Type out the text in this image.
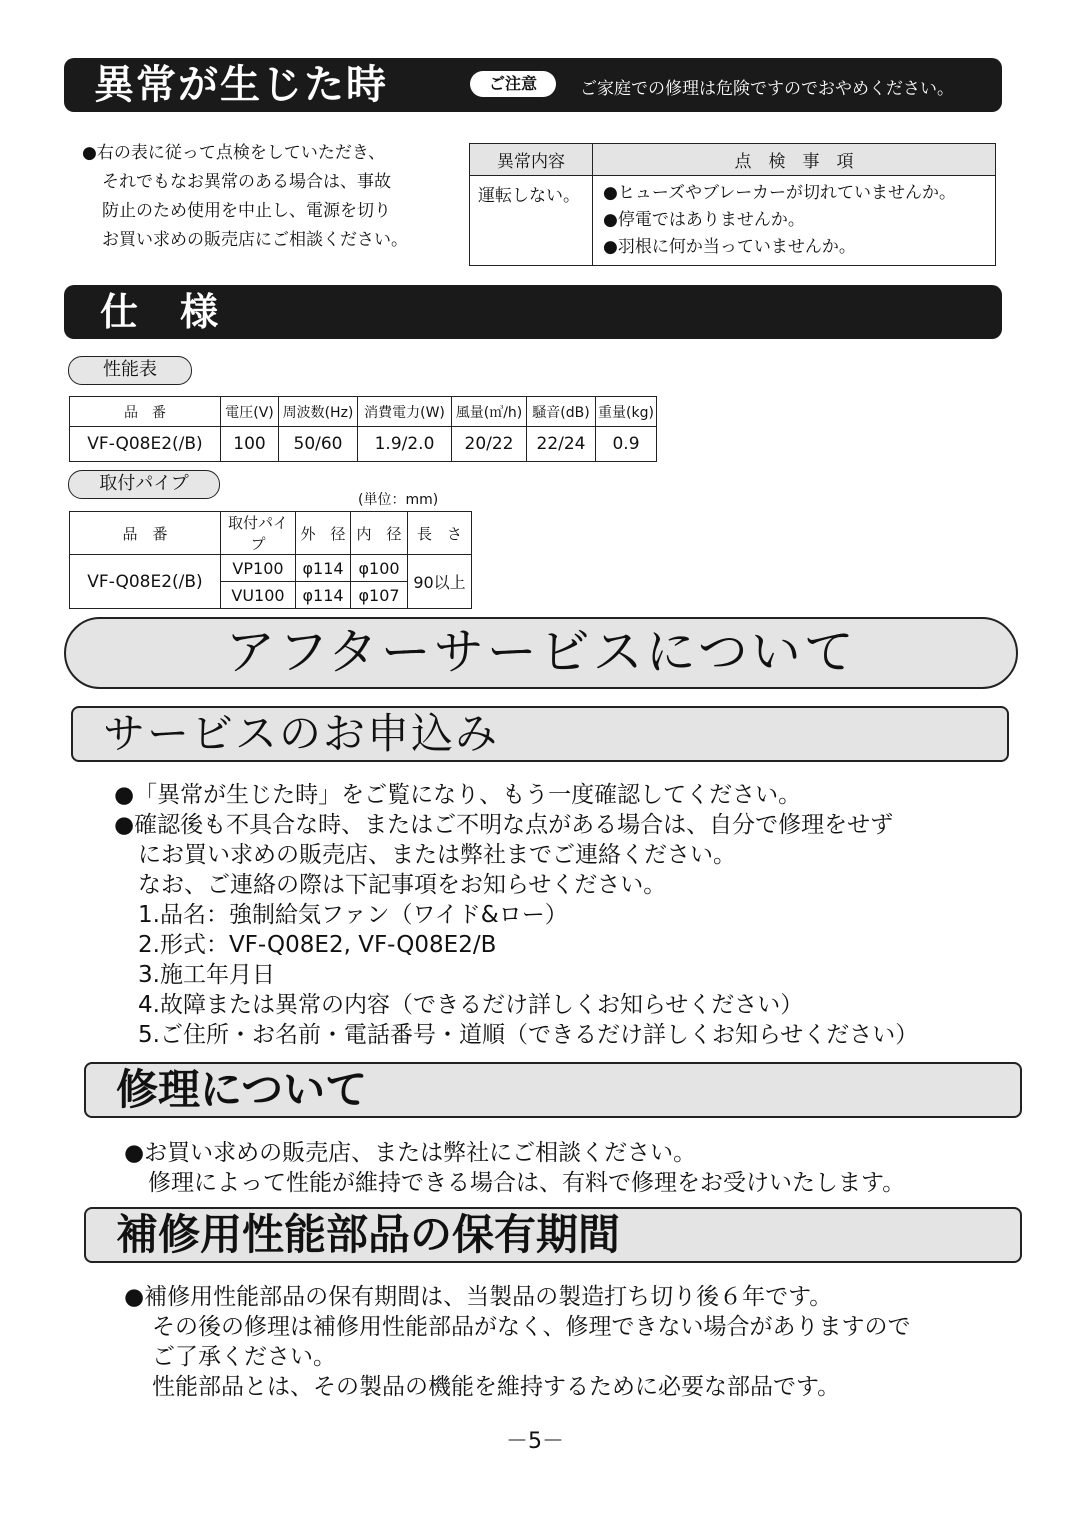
異常が生じた時	ご注意	ご家庭での修理は危険ですのでおやめください。
●右の表に従って点検をしていただき、
それでもなお異常のある場合は、事故
防止のため使用を中止し、電源を切り
お買い求めの販売店にご相談ください。
異常内容	点　検　事　項
運転しない。	●ヒューズやブレーカーが切れていませんか。
●停電ではありませんか。
●羽根に何か当っていませんか。
仕　様
性能表
品　番	電圧(V)	周波数(Hz)	消費電力(W)	風量(㎥/h)	騒音(dB)	重量(kg)
VF-Q08E2(/B)	100	50/60	1.9/2.0	20/22	22/24	0.9
取付パイプ
(単位：mm)
品　番	取付パイプ	外　径	内　径	長　さ
VF-Q08E2(/B)	VP100	φ114	φ100	90以上
	VU100	φ114	φ107	
アフターサービスについて
サービスのお申込み
●「異常が生じた時」をご覧になり、もう一度確認してください。
●確認後も不具合な時、またはご不明な点がある場合は、自分で修理をせず
にお買い求めの販売店、または弊社までご連絡ください。
なお、ご連絡の際は下記事項をお知らせください。
1.品名：強制給気ファン（ワイド&ロー）
2.形式：VF-Q08E2, VF-Q08E2/B
3.施工年月日
4.故障または異常の内容（できるだけ詳しくお知らせください）
5.ご住所・お名前・電話番号・道順（できるだけ詳しくお知らせください）
修理について
●お買い求めの販売店、または弊社にご相談ください。
修理によって性能が維持できる場合は、有料で修理をお受けいたします。
補修用性能部品の保有期間
●補修用性能部品の保有期間は、当製品の製造打ち切り後６年です。
その後の修理は補修用性能部品がなく、修理できない場合がありますので
ご了承ください。
性能部品とは、その製品の機能を維持するために必要な部品です。
－5－
